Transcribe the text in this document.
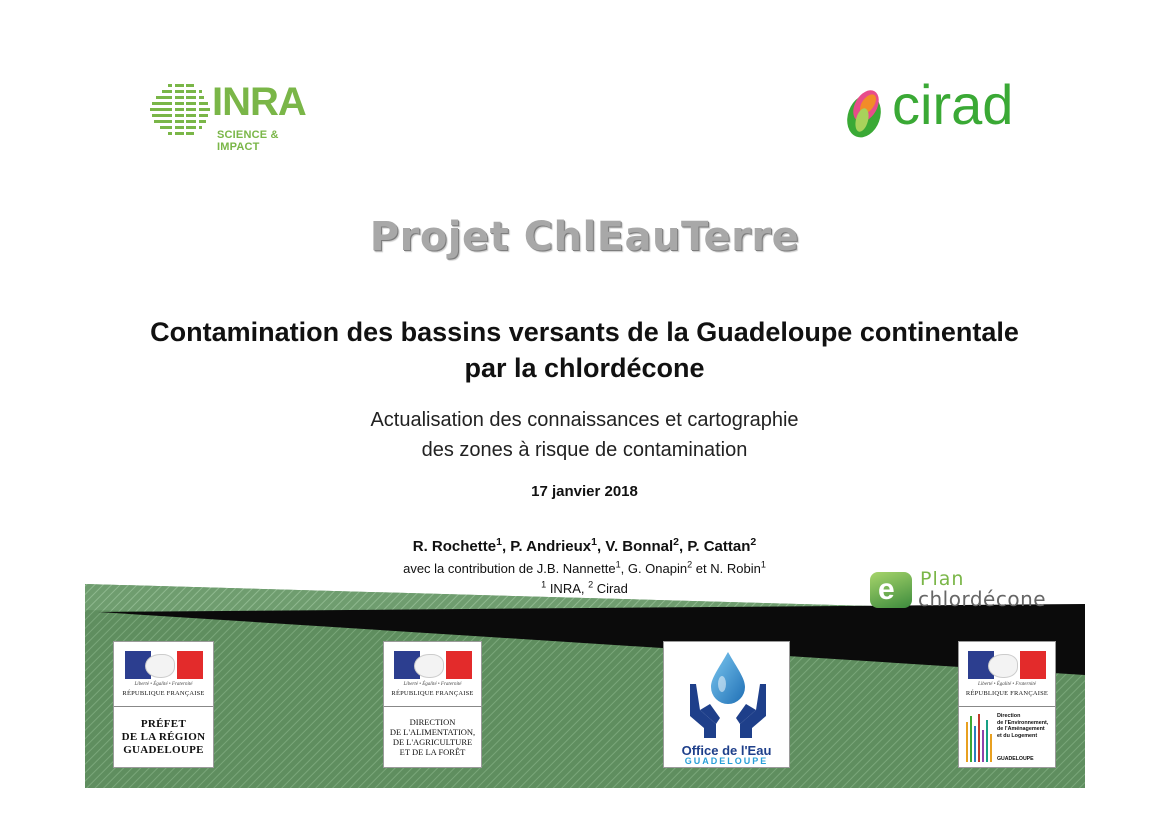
INRA
SCIENCE & IMPACT
cirad
Projet ChlEauTerre
Contamination des bassins versants de la Guadeloupe continentale
par la chlordécone
Actualisation des connaissances et cartographie
des zones à risque de contamination
17 janvier 2018
R. Rochette$^1$, P. Andrieux$^1$, V. Bonnal$^2$, P. Cattan$^2$
avec la contribution de J.B. Nannette$^1$, G. Onapin$^2$ et N. Robin$^1$
$^1$ INRA, $^2$ Cirad	e Plan
chlordécone
Liberté • Égalité • Fraternité
RÉPUBLIQUE FRANÇAISE
PRÉFET
DE LA RÉGION
GUADELOUPE
Liberté • Égalité • Fraternité
RÉPUBLIQUE FRANÇAISE
DIRECTION
DE L'ALIMENTATION,
DE L'AGRICULTURE
ET DE LA FORÊT	Office de l'Eau
GUADELOUPE
Liberté • Égalité • Fraternité
RÉPUBLIQUE FRANÇAISE
Direction
de l'Environnement,
de l'Aménagement
et du Logement
GUADELOUPE
